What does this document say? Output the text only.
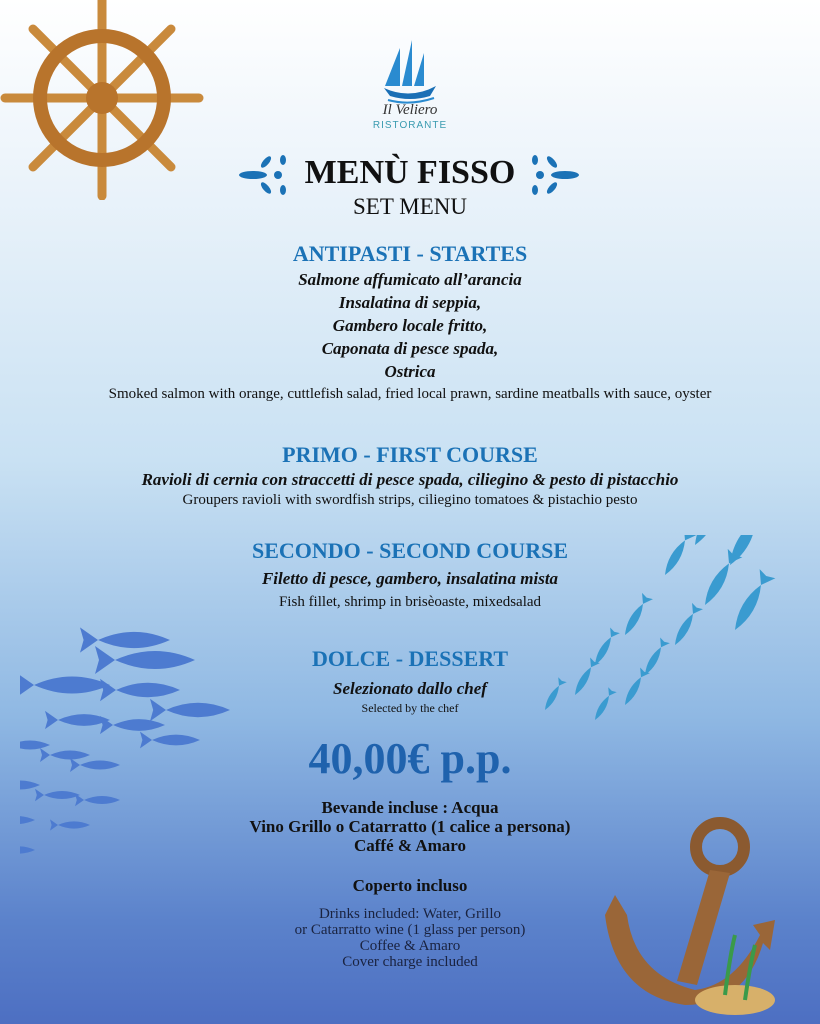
Il Veliero
RISTORANTE
MENÙ FISSO
SET MENU
ANTIPASTI - STARTES
Salmone affumicato all’arancia
Insalatina di seppia,
Gambero locale fritto,
Caponata di pesce spada,
Ostrica
Smoked salmon with orange, cuttlefish salad, fried local prawn, sardine meatballs with sauce, oyster
PRIMO - FIRST COURSE
Ravioli di cernia con straccetti di pesce spada, ciliegino & pesto di pistacchio
Groupers ravioli with swordfish strips, ciliegino tomatoes & pistachio pesto
SECONDO - SECOND COURSE
Filetto di pesce, gambero, insalatina mista
Fish fillet, shrimp in brisèoaste, mixedsalad
DOLCE - DESSERT
Selezionato dallo chef
Selected by the chef
40,00€ p.p.
Bevande incluse : Acqua
Vino Grillo o Catarratto (1 calice a persona)
Caffé & Amaro
Coperto incluso
Drinks included: Water, Grillo
or Catarratto wine (1 glass per person)
Coffee & Amaro
Cover charge included
